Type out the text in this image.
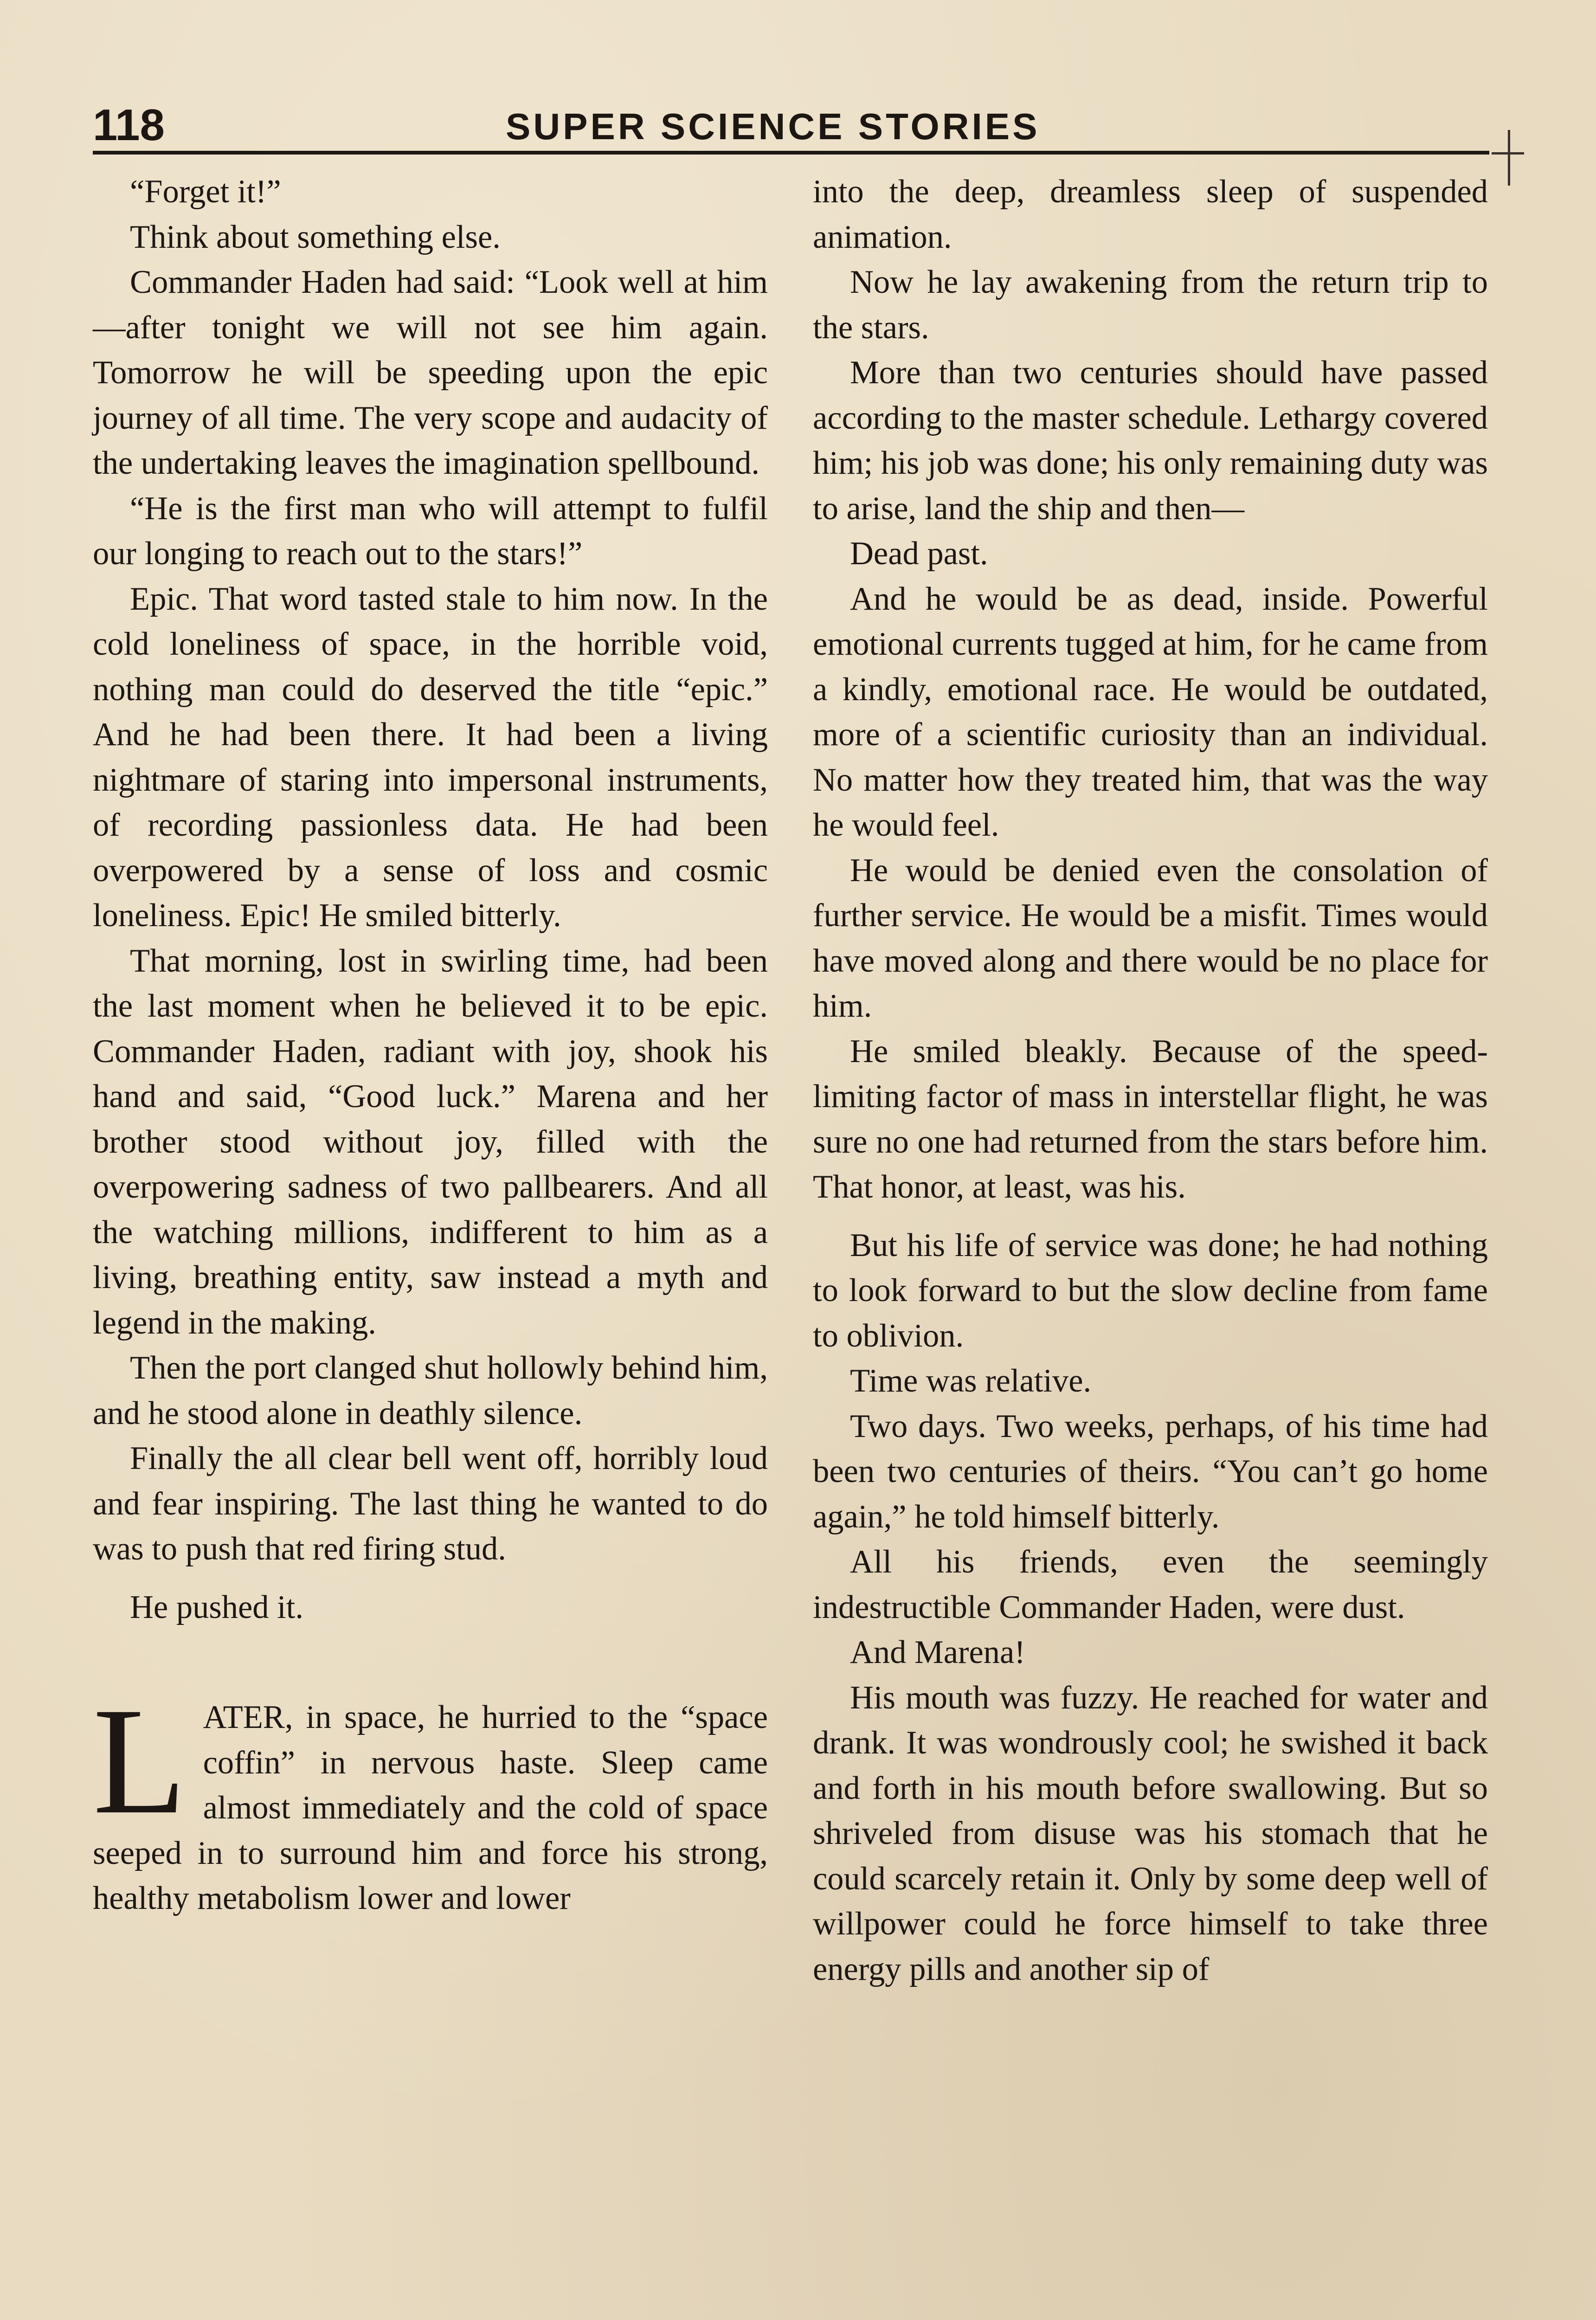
118	SUPER SCIENCE STORIES

“Forget it!”

Think about something else.

Commander Haden had said: “Look well at him—after tonight we will not see him again. Tomorrow he will be speeding upon the epic journey of all time. The very scope and audacity of the undertaking leaves the imagination spellbound.

“He is the first man who will attempt to fulfil our longing to reach out to the stars!”

Epic. That word tasted stale to him now. In the cold loneliness of space, in the horrible void, nothing man could do deserved the title “epic.” And he had been there. It had been a living nightmare of staring into impersonal instruments, of recording passionless data. He had been overpowered by a sense of loss and cosmic loneliness. Epic! He smiled bitterly.

That morning, lost in swirling time, had been the last moment when he believed it to be epic. Commander Haden, radiant with joy, shook his hand and said, “Good luck.” Marena and her brother stood without joy, filled with the overpowering sadness of two pallbearers. And all the watching millions, indifferent to him as a living, breathing entity, saw instead a myth and legend in the making.

Then the port clanged shut hollowly behind him, and he stood alone in deathly silence.

Finally the all clear bell went off, horribly loud and fear inspiring. The last thing he wanted to do was to push that red firing stud.

He pushed it.

L ATER, in space, he hurried to the “space coffin” in nervous haste. Sleep came almost immediately and the cold of space seeped in to surround him and force his strong, healthy metabolism lower and lower

into the deep, dreamless sleep of suspended animation.

Now he lay awakening from the return trip to the stars.

More than two centuries should have passed according to the master schedule. Lethargy covered him; his job was done; his only remaining duty was to arise, land the ship and then—

Dead past.

And he would be as dead, inside. Powerful emotional currents tugged at him, for he came from a kindly, emotional race. He would be outdated, more of a scientific curiosity than an individual. No matter how they treated him, that was the way he would feel.

He would be denied even the consolation of further service. He would be a misfit. Times would have moved along and there would be no place for him.

He smiled bleakly. Because of the speed-limiting factor of mass in interstellar flight, he was sure no one had returned from the stars before him. That honor, at least, was his.

But his life of service was done; he had nothing to look forward to but the slow decline from fame to oblivion.

Time was relative.

Two days. Two weeks, perhaps, of his time had been two centuries of theirs. “You can’t go home again,” he told himself bitterly.

All his friends, even the seemingly indestructible Commander Haden, were dust.

And Marena!

His mouth was fuzzy. He reached for water and drank. It was wondrously cool; he swished it back and forth in his mouth before swallowing. But so shriveled from disuse was his stomach that he could scarcely retain it. Only by some deep well of willpower could he force himself to take three energy pills and another sip of
